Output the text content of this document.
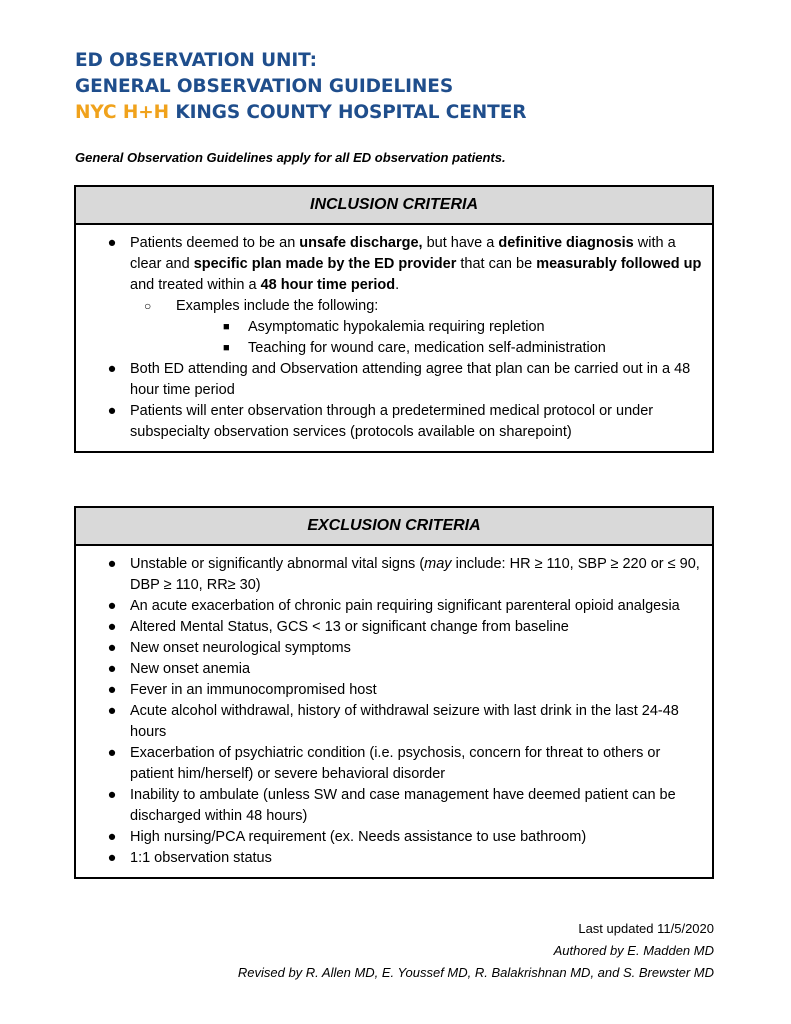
ED OBSERVATION UNIT:
GENERAL OBSERVATION GUIDELINES
NYC H+H KINGS COUNTY HOSPITAL CENTER

General Observation Guidelines apply for all ED observation patients.

INCLUSION CRITERIA
● Patients deemed to be an unsafe discharge, but have a definitive diagnosis with a clear and specific plan made by the ED provider that can be measurably followed up and treated within a 48 hour time period.
○ Examples include the following:
■ Asymptomatic hypokalemia requiring repletion
■ Teaching for wound care, medication self-administration
● Both ED attending and Observation attending agree that plan can be carried out in a 48 hour time period
● Patients will enter observation through a predetermined medical protocol or under subspecialty observation services (protocols available on sharepoint)
EXCLUSION CRITERIA
● Unstable or significantly abnormal vital signs (may include: HR ≥ 110, SBP ≥ 220 or ≤ 90, DBP ≥ 110, RR≥ 30)
● An acute exacerbation of chronic pain requiring significant parenteral opioid analgesia
● Altered Mental Status, GCS < 13 or significant change from baseline
● New onset neurological symptoms
● New onset anemia
● Fever in an immunocompromised host
● Acute alcohol withdrawal, history of withdrawal seizure with last drink in the last 24-48 hours
● Exacerbation of psychiatric condition (i.e. psychosis, concern for threat to others or patient him/herself) or severe behavioral disorder
● Inability to ambulate (unless SW and case management have deemed patient can be discharged within 48 hours)
● High nursing/PCA requirement (ex. Needs assistance to use bathroom)
● 1:1 observation status
Last updated 11/5/2020
Authored by E. Madden MD
Revised by R. Allen MD, E. Youssef MD, R. Balakrishnan MD, and S. Brewster MD
